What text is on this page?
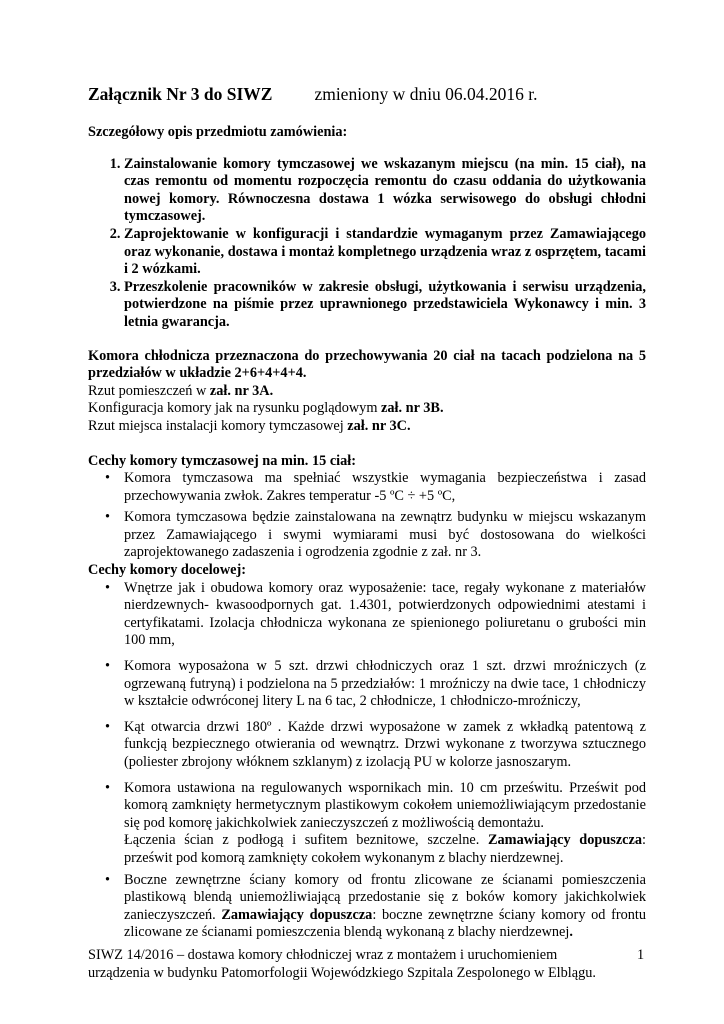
Załącznik Nr 3 do SIWZ zmieniony w dniu 06.04.2016 r.

Szczegółowy opis przedmiotu zamówienia:

1. Zainstalowanie komory tymczasowej we wskazanym miejscu (na min. 15 ciał), na czas remontu od momentu rozpoczęcia remontu do czasu oddania do użytkowania nowej komory. Równoczesna dostawa 1 wózka serwisowego do obsługi chłodni tymczasowej.
2. Zaprojektowanie w konfiguracji i standardzie wymaganym przez Zamawiającego oraz wykonanie, dostawa i montaż kompletnego urządzenia wraz z osprzętem, tacami i 2 wózkami.
3. Przeszkolenie pracowników w zakresie obsługi, użytkowania i serwisu urządzenia, potwierdzone na piśmie przez uprawnionego przedstawiciela Wykonawcy i min. 3 letnia gwarancja.

Komora chłodnicza przeznaczona do przechowywania 20 ciał na tacach podzielona na 5 przedziałów w układzie 2+6+4+4+4.

Rzut pomieszczeń w zał. nr 3A.

Konfiguracja komory jak na rysunku poglądowym zał. nr 3B.

Rzut miejsca instalacji komory tymczasowej zał. nr 3C.

Cechy komory tymczasowej na min. 15 ciał:

• Komora tymczasowa ma spełniać wszystkie wymagania bezpieczeństwa i zasad przechowywania zwłok. Zakres temperatur -5 ºC ÷ +5 ºC,
• Komora tymczasowa będzie zainstalowana na zewnątrz budynku w miejscu wskazanym przez Zamawiającego i swymi wymiarami musi być dostosowana do wielkości zaprojektowanego zadaszenia i ogrodzenia zgodnie z zał. nr 3.

Cechy komory docelowej:

• Wnętrze jak i obudowa komory oraz wyposażenie: tace, regały wykonane z materiałów nierdzewnych- kwasoodpornych gat. 1.4301, potwierdzonych odpowiednimi atestami i certyfikatami. Izolacja chłodnicza wykonana ze spienionego poliuretanu o grubości min 100 mm,
• Komora wyposażona w 5 szt. drzwi chłodniczych oraz 1 szt. drzwi mroźniczych (z ogrzewaną futryną) i podzielona na 5 przedziałów: 1 mroźniczy na dwie tace, 1 chłodniczy w kształcie odwróconej litery L na 6 tac, 2 chłodnicze, 1 chłodniczo-mroźniczy,
• Kąt otwarcia drzwi 180º . Każde drzwi wyposażone w zamek z wkładką patentową z funkcją bezpiecznego otwierania od wewnątrz. Drzwi wykonane z tworzywa sztucznego (poliester zbrojony włóknem szklanym) z izolacją PU w kolorze jasnoszarym.
• Komora ustawiona na regulowanych wspornikach min. 10 cm prześwitu. Prześwit pod komorą zamknięty hermetycznym plastikowym cokołem uniemożliwiającym przedostanie się pod komorę jakichkolwiek zanieczyszczeń z możliwością demontażu.
Łączenia ścian z podłogą i sufitem beznitowe, szczelne. Zamawiający dopuszcza: prześwit pod komorą zamknięty cokołem wykonanym z blachy nierdzewnej.
• Boczne zewnętrzne ściany komory od frontu zlicowane ze ścianami pomieszczenia plastikową blendą uniemożliwiającą przedostanie się z boków komory jakichkolwiek zanieczyszczeń. Zamawiający dopuszcza: boczne zewnętrzne ściany komory od frontu zlicowane ze ścianami pomieszczenia blendą wykonaną z blachy nierdzewnej.
SIWZ 14/2016 – dostawa komory chłodniczej wraz z montażem i uruchomieniem
urządzenia w budynku Patomorfologii Wojewódzkiego Szpitala Zespolonego w Elblągu.
1
